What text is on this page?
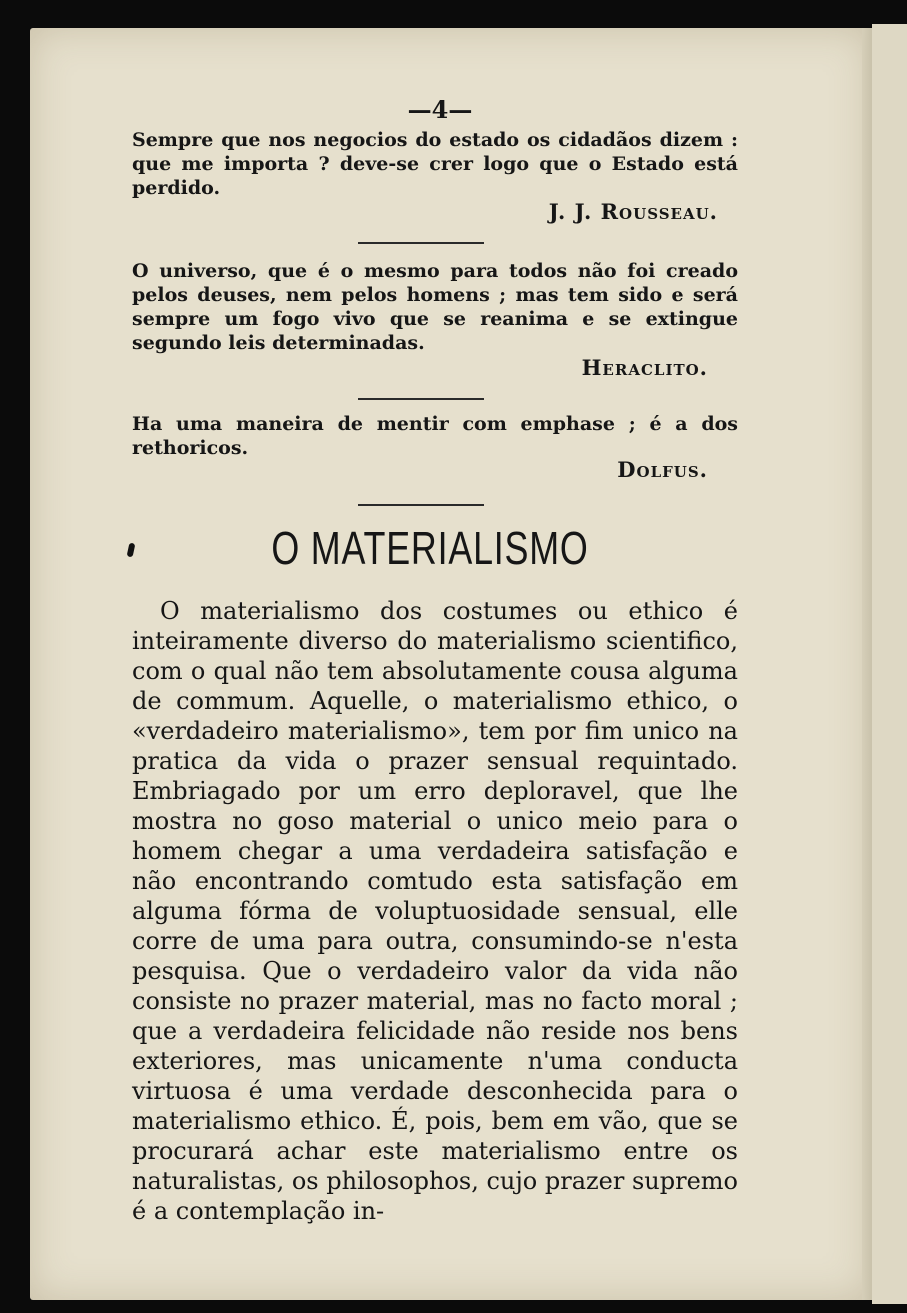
—4—

Sempre que nos negocios do estado os cidadãos dizem : que me importa ? deve-se crer logo que o Estado está perdido.

J. J. Rousseau.

O universo, que é o mesmo para todos não foi creado pelos deuses, nem pelos homens ; mas tem sido e será sempre um fogo vivo que se reanima e se extingue segundo leis determinadas.

Heraclito.

Ha uma maneira de mentir com emphase ; é a dos rethoricos.

Dolfus.

O MATERIALISMO

O materialismo dos costumes ou ethico é inteiramente diverso do materialismo scientifico, com o qual não tem absolutamente cousa alguma de commum. Aquelle, o materialismo ethico, o «verdadeiro materialismo», tem por fim unico na pratica da vida o prazer sensual requintado. Embriagado por um erro deploravel, que lhe mostra no goso material o unico meio para o homem chegar a uma verdadeira satisfação e não encontrando comtudo esta satisfação em alguma fórma de voluptuosidade sensual, elle corre de uma para outra, consumindo-se n'esta pesquisa. Que o verdadeiro valor da vida não consiste no prazer material, mas no facto moral ; que a verdadeira felicidade não reside nos bens exteriores, mas unicamente n'uma conducta virtuosa é uma verdade desconhecida para o materialismo ethico. É, pois, bem em vão, que se procurará achar este materialismo entre os naturalistas, os philosophos, cujo prazer supremo é a contemplação in-
